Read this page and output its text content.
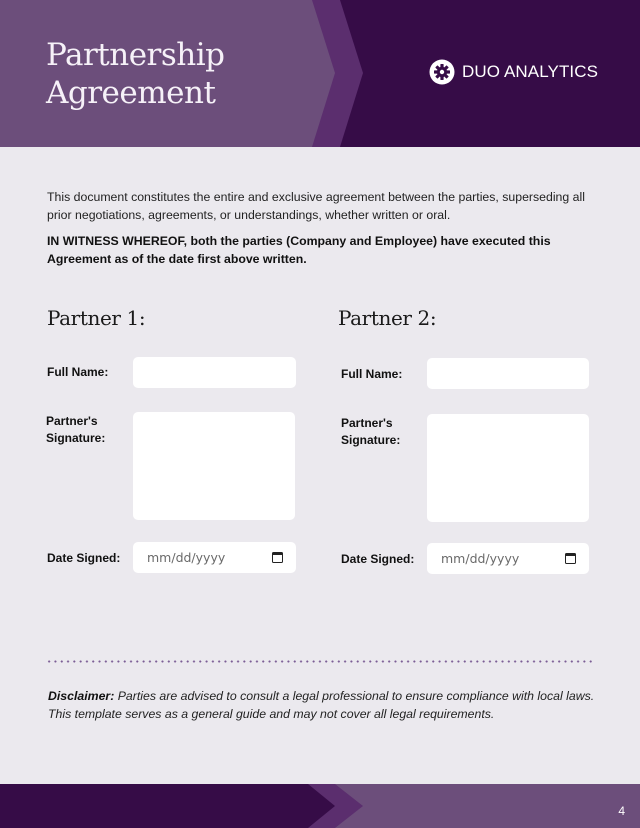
Partnership
Agreement
DUO ANALYTICS

This document constitutes the entire and exclusive agreement between the parties, superseding all prior negotiations, agreements, or understandings, whether written or oral.

IN WITNESS WHEREOF, both the parties (Company and Employee) have executed this Agreement as of the date first above written.

Partner 1:
Full Name:
Partner's
Signature:
Date Signed: mm/dd/yyyy
Partner 2:
Full Name:
Partner's
Signature:
Date Signed: mm/dd/yyyy
Disclaimer: Parties are advised to consult a legal professional to ensure compliance with local laws. This template serves as a general guide and may not cover all legal requirements.
4
